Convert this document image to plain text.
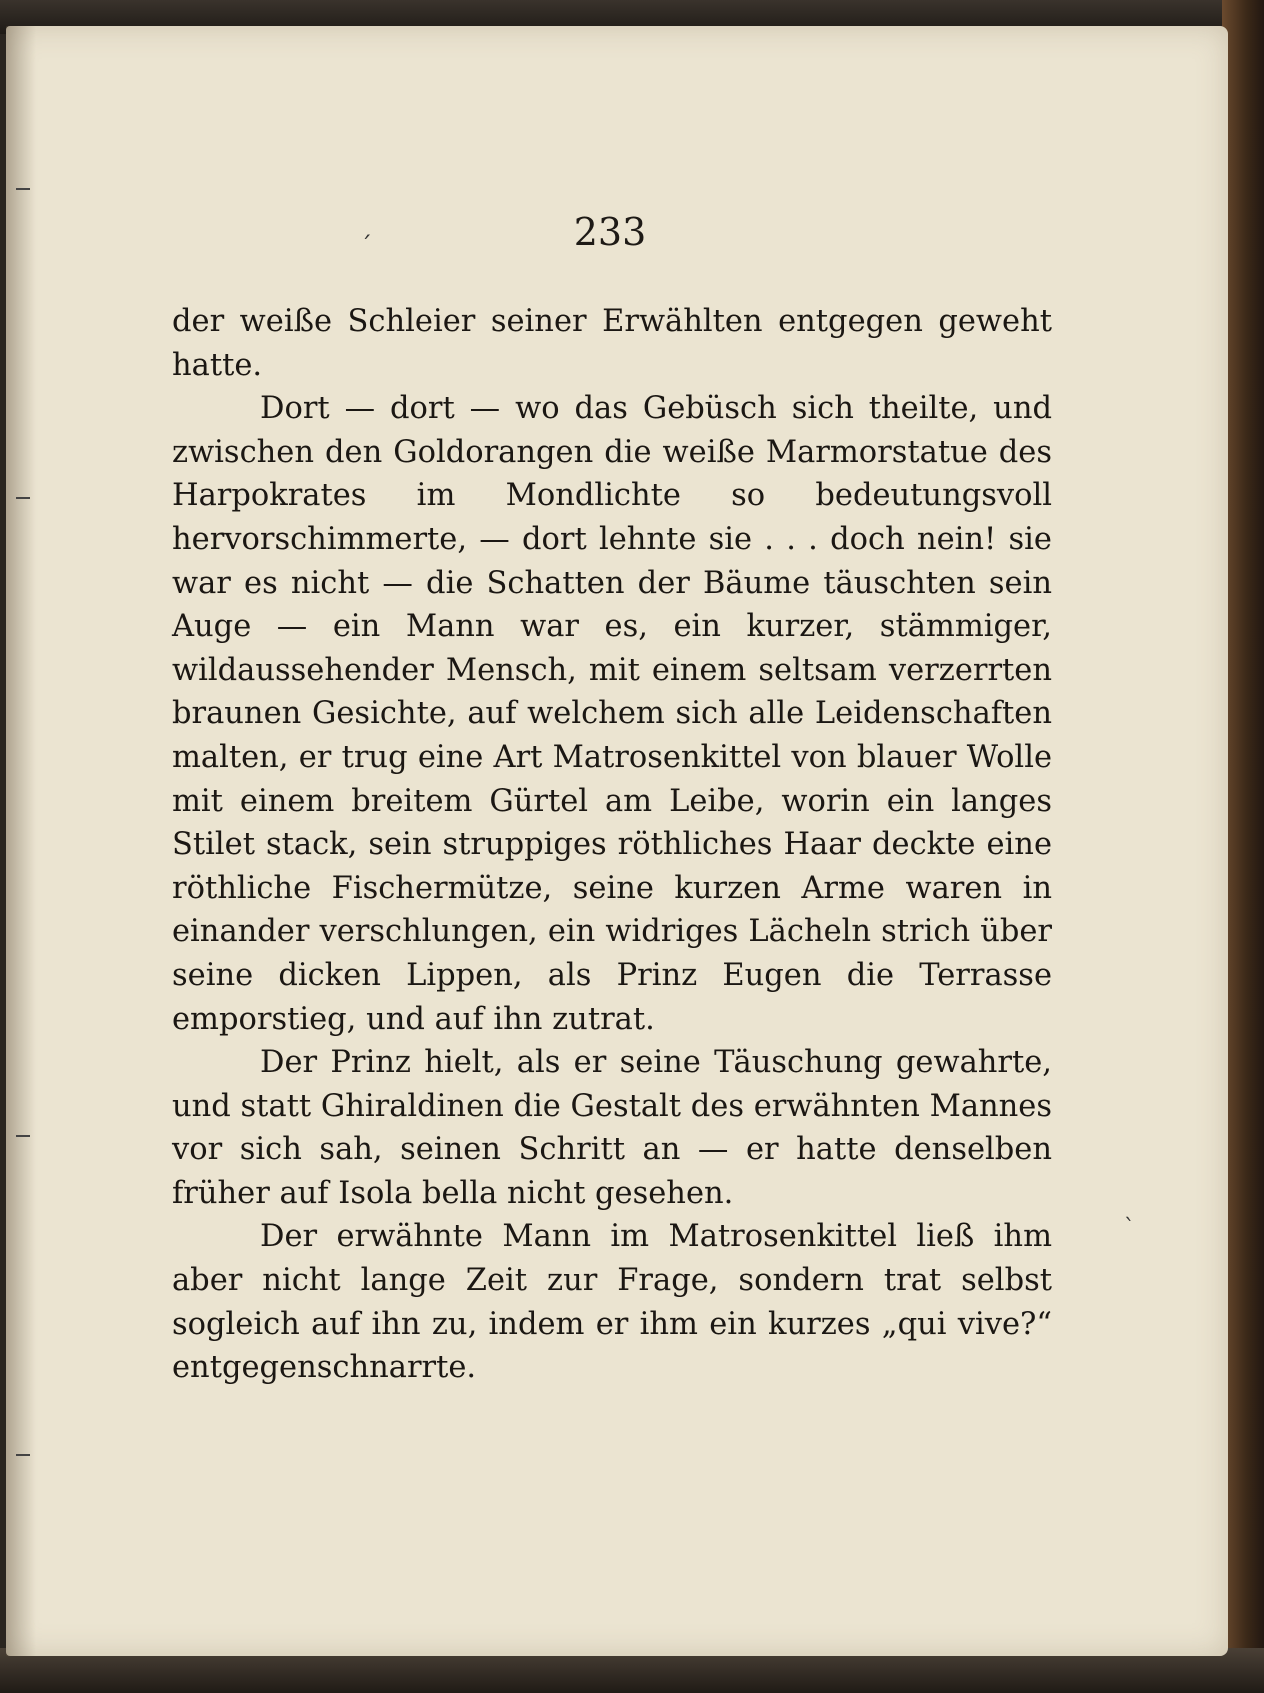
ˋ
ˊ	233

der weiße Schleier seiner Erwählten entgegen geweht hatte.

Dort — dort — wo das Gebüsch sich theilte, und zwischen den Goldorangen die weiße Marmorstatue des Harpokrates im Mondlichte so bedeutungsvoll hervorschimmerte, — dort lehnte sie . . . doch nein! sie war es nicht — die Schatten der Bäume täuschten sein Auge — ein Mann war es, ein kurzer, stämmiger, wildaussehender Mensch, mit einem seltsam verzerrten braunen Gesichte, auf welchem sich alle Leidenschaften malten, er trug eine Art Matrosenkittel von blauer Wolle mit einem breitem Gürtel am Leibe, worin ein langes Stilet stack, sein struppiges röthliches Haar deckte eine röthliche Fischermütze, seine kurzen Arme waren in einander verschlungen, ein widriges Lächeln strich über seine dicken Lippen, als Prinz Eugen die Terrasse emporstieg, und auf ihn zutrat.

Der Prinz hielt, als er seine Täuschung gewahrte, und statt Ghiraldinen die Gestalt des erwähnten Mannes vor sich sah, seinen Schritt an — er hatte denselben früher auf Isola bella nicht gesehen.

Der erwähnte Mann im Matrosenkittel ließ ihm aber nicht lange Zeit zur Frage, sondern trat selbst sogleich auf ihn zu, indem er ihm ein kurzes „qui vive?“ entgegenschnarrte.
